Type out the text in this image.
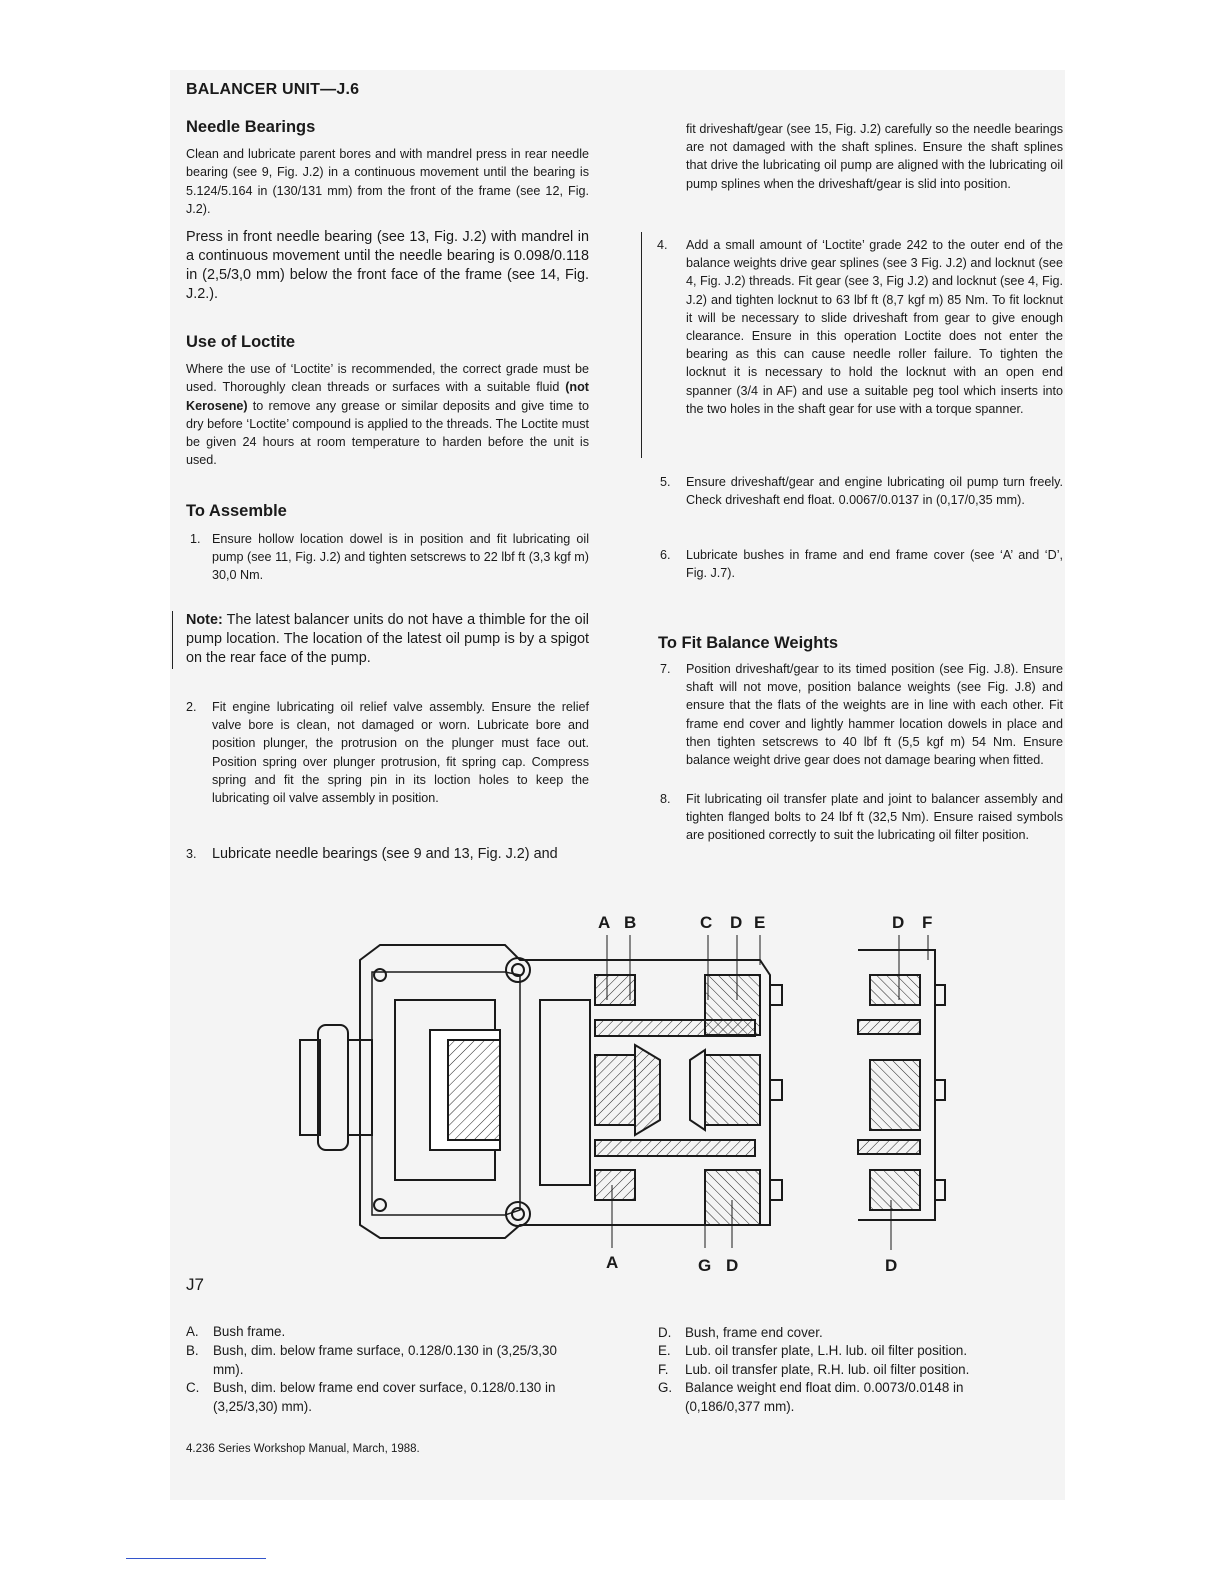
BALANCER UNIT—J.6
Needle Bearings

Clean and lubricate parent bores and with mandrel press in rear needle bearing (see 9, Fig. J.2) in a continuous movement until the bearing is 5.124/5.164 in (130/131 mm) from the front of the frame (see 12, Fig. J.2).

Press in front needle bearing (see 13, Fig. J.2) with mandrel in a continuous movement until the needle bearing is 0.098/0.118 in (2,5/3,0 mm) below the front face of the frame (see 14, Fig. J.2.).

Use of Loctite

Where the use of ‘Loctite’ is recommended, the correct grade must be used. Thoroughly clean threads or surfaces with a suitable fluid (not Kerosene) to remove any grease or similar deposits and give time to dry before ‘Loctite’ compound is applied to the threads. The Loctite must be given 24 hours at room temperature to harden before the unit is used.

To Assemble
1. Ensure hollow location dowel is in position and fit lubricating oil pump (see 11, Fig. J.2) and tighten setscrews to 22 lbf ft (3,3 kgf m) 30,0 Nm.

Note: The latest balancer units do not have a thimble for the oil pump location. The location of the latest oil pump is by a spigot on the rear face of the pump.

2. Fit engine lubricating oil relief valve assembly. Ensure the relief valve bore is clean, not damaged or worn. Lubricate bore and position plunger, the protrusion on the plunger must face out. Position spring over plunger protrusion, fit spring cap. Compress spring and fit the spring pin in its loction holes to keep the lubricating oil valve assembly in position.
3. Lubricate needle bearings (see 9 and 13, Fig. J.2) and

fit driveshaft/gear (see 15, Fig. J.2) carefully so the needle bearings are not damaged with the shaft splines. Ensure the shaft splines that drive the lubricating oil pump are aligned with the lubricating oil pump splines when the driveshaft/gear is slid into position.

4. Add a small amount of ‘Loctite’ grade 242 to the outer end of the balance weights drive gear splines (see 3 Fig. J.2) and locknut (see 4, Fig. J.2) threads. Fit gear (see 3, Fig J.2) and locknut (see 4, Fig. J.2) and tighten locknut to 63 lbf ft (8,7 kgf m) 85 Nm. To fit locknut it will be necessary to slide driveshaft from gear to give enough clearance. Ensure in this operation Loctite does not enter the bearing as this can cause needle roller failure. To tighten the locknut it is necessary to hold the locknut with an open end spanner (3/4 in AF) and use a suitable peg tool which inserts into the two holes in the shaft gear for use with a torque spanner.
5. Ensure driveshaft/gear and engine lubricating oil pump turn freely. Check driveshaft end float. 0.0067/0.0137 in (0,17/0,35 mm).
6. Lubricate bushes in frame and end frame cover (see ‘A’ and ‘D’, Fig. J.7).
To Fit Balance Weights
7. Position driveshaft/gear to its timed position (see Fig. J.8). Ensure shaft will not move, position balance weights (see Fig. J.8) and ensure that the flats of the weights are in line with each other. Fit frame end cover and lightly hammer location dowels in place and then tighten setscrews to 40 lbf ft (5,5 kgf m) 54 Nm. Ensure balance weight drive gear does not damage bearing when fitted.
8. Fit lubricating oil transfer plate and joint to balancer assembly and tighten flanged bolts to 24 lbf ft (32,5 Nm). Ensure raised symbols are positioned correctly to suit the lubricating oil filter position.
A B	C D E	D F
A	G D	D
J7
A. Bush frame.
B. Bush, dim. below frame surface, 0.128/0.130 in (3,25/3,30 mm).
C. Bush, dim. below frame end cover surface, 0.128/0.130 in (3,25/3,30) mm).
D. Bush, frame end cover.
E. Lub. oil transfer plate, L.H. lub. oil filter position.
F. Lub. oil transfer plate, R.H. lub. oil filter position.
G. Balance weight end float dim. 0.0073/0.0148 in (0,186/0,377 mm).
4.236 Series Workshop Manual, March, 1988.
